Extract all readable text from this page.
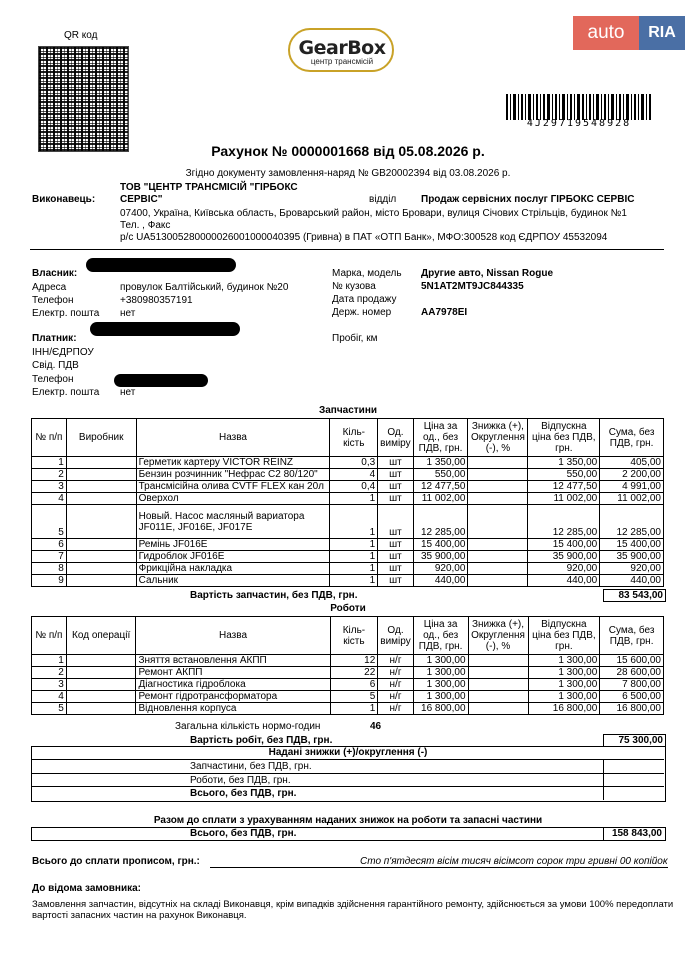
QR код
GearBox
центр трансмісій
auto	RIA
4J29719548928
Рахунок № 0000001668 від 05.08.2026 р.
Згідно документу замовлення-наряд № GB20002394 від 03.08.2026 р.
Виконавець:
ТОВ "ЦЕНТР ТРАНСМІСІЙ "ГІРБОКС
СЕРВІС"	відділ Продаж сервісних послуг ГІРБОКС СЕРВІС
07400, Україна, Київська область, Броварський район, місто Бровари, вулиця Січових Стрільців, будинок №1
Тел. , Факс
р/с UA513005280000026001000040395 (Гривна) в ПАТ «ОТП Банк», МФО:300528 код ЄДРПОУ 45532094
Власник:
Адреса	провулок Балтійський, будинок №20
Телефон	+380980357191
Електр. пошта нет
Марка, модель Другие авто, Nissan Rogue
№ кузова	5N1AT2MT9JC844335
Дата продажу
Держ. номер	AA7978EI
Пробіг, км
Платник:
ІНН/ЄДРПОУ
Свід. ПДВ
Телефон
Електр. пошта нет
Запчастини
№ п/п	Виробник	Назва	Кіль-кість	Од. виміру	Ціна за од., без ПДВ, грн.	Знижка (+), Округлення (-), %	Відпускна ціна без ПДВ, грн.	Сума, без ПДВ, грн.
1		Герметик картеру VICTOR REINZ	0,3	шт	1 350,00		1 350,00	405,00
2		Бензин розчинник "Нефрас С2 80/120"	4	шт	550,00		550,00	2 200,00
3		Трансмісійна олива CVTF FLEX кан 20л	0,4	шт	12 477,50		12 477,50	4 991,00
4		Оверхол	1	шт	11 002,00		11 002,00	11 002,00
5		Новый. Насос масляный вариатора JF011E, JF016E, JF017E	1	шт	12 285,00		12 285,00	12 285,00
6		Ремінь JF016E	1	шт	15 400,00		15 400,00	15 400,00
7		Гидроблок JF016E	1	шт	35 900,00		35 900,00	35 900,00
8		Фрикційна накладка	1	шт	920,00		920,00	920,00
9		Сальник	1	шт	440,00		440,00	440,00
Вартість запчастин, без ПДВ, грн.	83 543,00
Роботи
№ п/п	Код операції	Назва	Кіль-кість	Од. виміру	Ціна за од., без ПДВ, грн.	Знижка (+), Округлення (-), %	Відпускна ціна без ПДВ, грн.	Сума, без ПДВ, грн.
1		Зняття встановлення АКПП	12	н/г	1 300,00		1 300,00	15 600,00
2		Ремонт АКПП	22	н/г	1 300,00		1 300,00	28 600,00
3		Діагностика гідроблока	6	н/г	1 300,00		1 300,00	7 800,00
4		Ремонт гідротрансформатора	5	н/г	1 300,00		1 300,00	6 500,00
5		Відновлення корпуса	1	н/г	16 800,00		16 800,00	16 800,00
Загальна кількість нормо-годин	46
Вартість робіт, без ПДВ, грн.	75 300,00
Надані знижки (+)/округлення (-)
Запчастини, без ПДВ, грн.
Роботи, без ПДВ, грн.
Всього, без ПДВ, грн.
Разом до сплати з урахуванням наданих знижок на роботи та запасні частини
Всього, без ПДВ, грн.	158 843,00
Всього до сплати прописом, грн.:	Сто п'ятдесят вісім тисяч вісімсот сорок три гривні 00 копійок
До відома замовника:
Замовлення запчастин, відсутніх на складі Виконавця, крім випадків здійснення гарантійного ремонту, здійснюється за умови 100% передоплати
вартості запасних частин на рахунок Виконавця.
